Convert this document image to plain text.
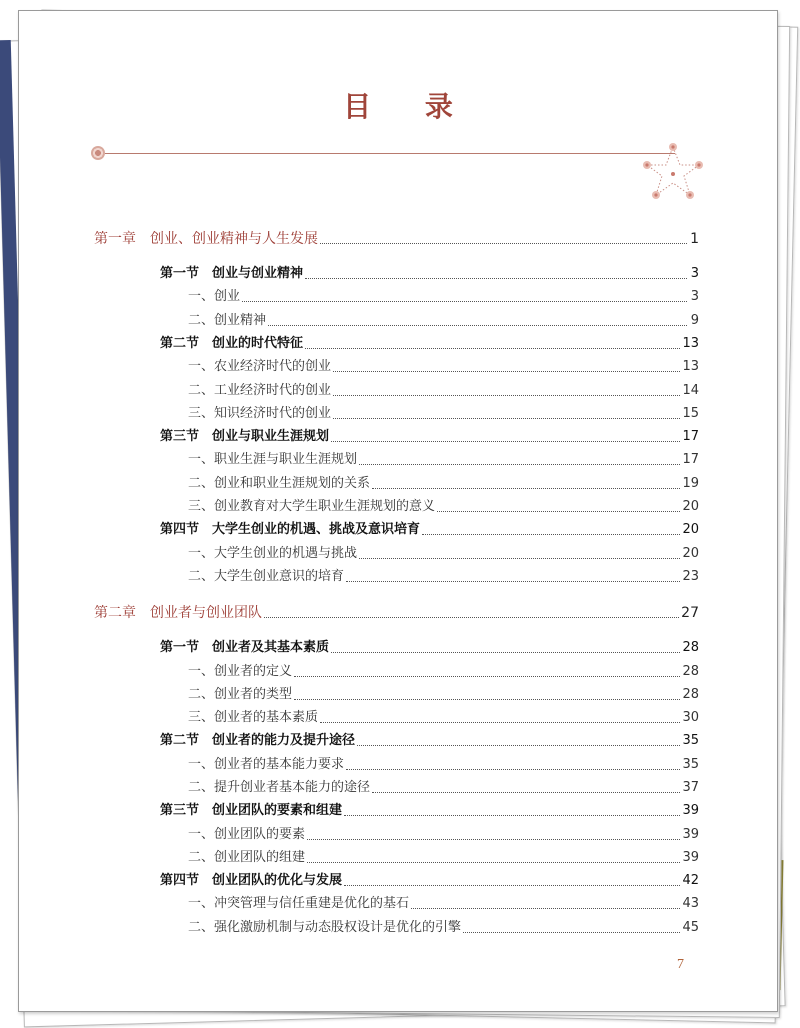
目 录
第一章　创业、创业精神与人生发展	1
第一节　创业与创业精神	3
一、创业	3
二、创业精神	9
第二节　创业的时代特征	13
一、农业经济时代的创业	13
二、工业经济时代的创业	14
三、知识经济时代的创业	15
第三节　创业与职业生涯规划	17
一、职业生涯与职业生涯规划	17
二、创业和职业生涯规划的关系	19
三、创业教育对大学生职业生涯规划的意义	20
第四节　大学生创业的机遇、挑战及意识培育	20
一、大学生创业的机遇与挑战	20
二、大学生创业意识的培育	23
第二章　创业者与创业团队	27
第一节　创业者及其基本素质	28
一、创业者的定义	28
二、创业者的类型	28
三、创业者的基本素质	30
第二节　创业者的能力及提升途径	35
一、创业者的基本能力要求	35
二、提升创业者基本能力的途径	37
第三节　创业团队的要素和组建	39
一、创业团队的要素	39
二、创业团队的组建	39
第四节　创业团队的优化与发展	42
一、冲突管理与信任重建是优化的基石	43
二、强化激励机制与动态股权设计是优化的引擎	45
7
